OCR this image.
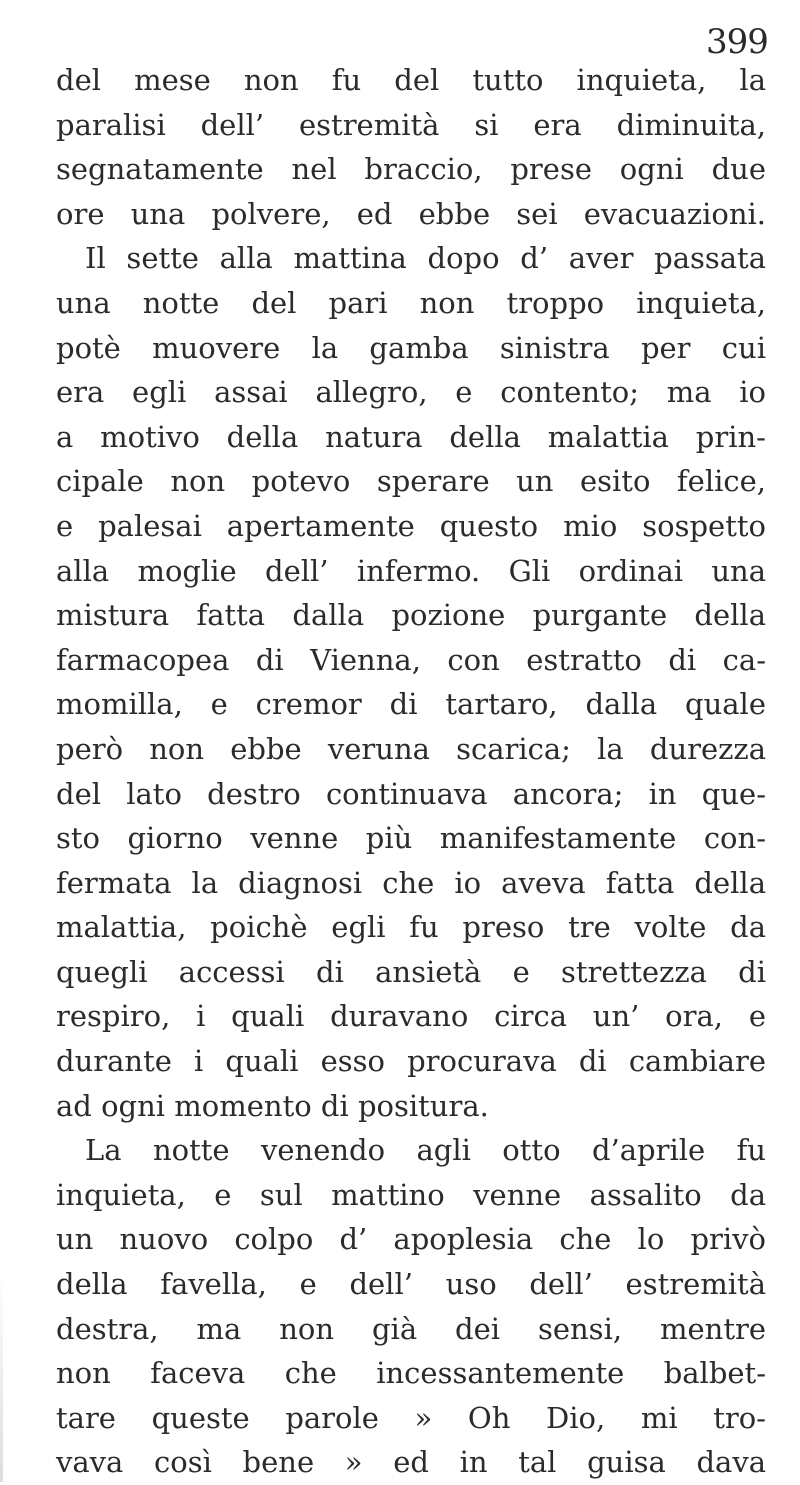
399
del mese non fu del tutto inquieta, la
paralisi dell’ estremità si era diminuita,
segnatamente nel braccio, prese ogni due
ore una polvere, ed ebbe sei evacuazioni.
Il sette alla mattina dopo d’ aver passata
una notte del pari non troppo inquieta,
potè muovere la gamba sinistra per cui
era egli assai allegro, e contento; ma io
a motivo della natura della malattia prin-
cipale non potevo sperare un esito felice,
e palesai apertamente questo mio sospetto
alla moglie dell’ infermo. Gli ordinai una
mistura fatta dalla pozione purgante della
farmacopea di Vienna, con estratto di ca-
momilla, e cremor di tartaro, dalla quale
però non ebbe veruna scarica; la durezza
del lato destro continuava ancora; in que-
sto giorno venne più manifestamente con-
fermata la diagnosi che io aveva fatta della
malattia, poichè egli fu preso tre volte da
quegli accessi di ansietà e strettezza di
respiro, i quali duravano circa un’ ora, e
durante i quali esso procurava di cambiare
ad ogni momento di positura.
La notte venendo agli otto d’aprile fu
inquieta, e sul mattino venne assalito da
un nuovo colpo d’ apoplesia che lo privò
della favella, e dell’ uso dell’ estremità
destra, ma non già dei sensi, mentre
non faceva che incessantemente balbet-
tare queste parole » Oh Dio, mi tro-
vava così bene » ed in tal guisa dava
